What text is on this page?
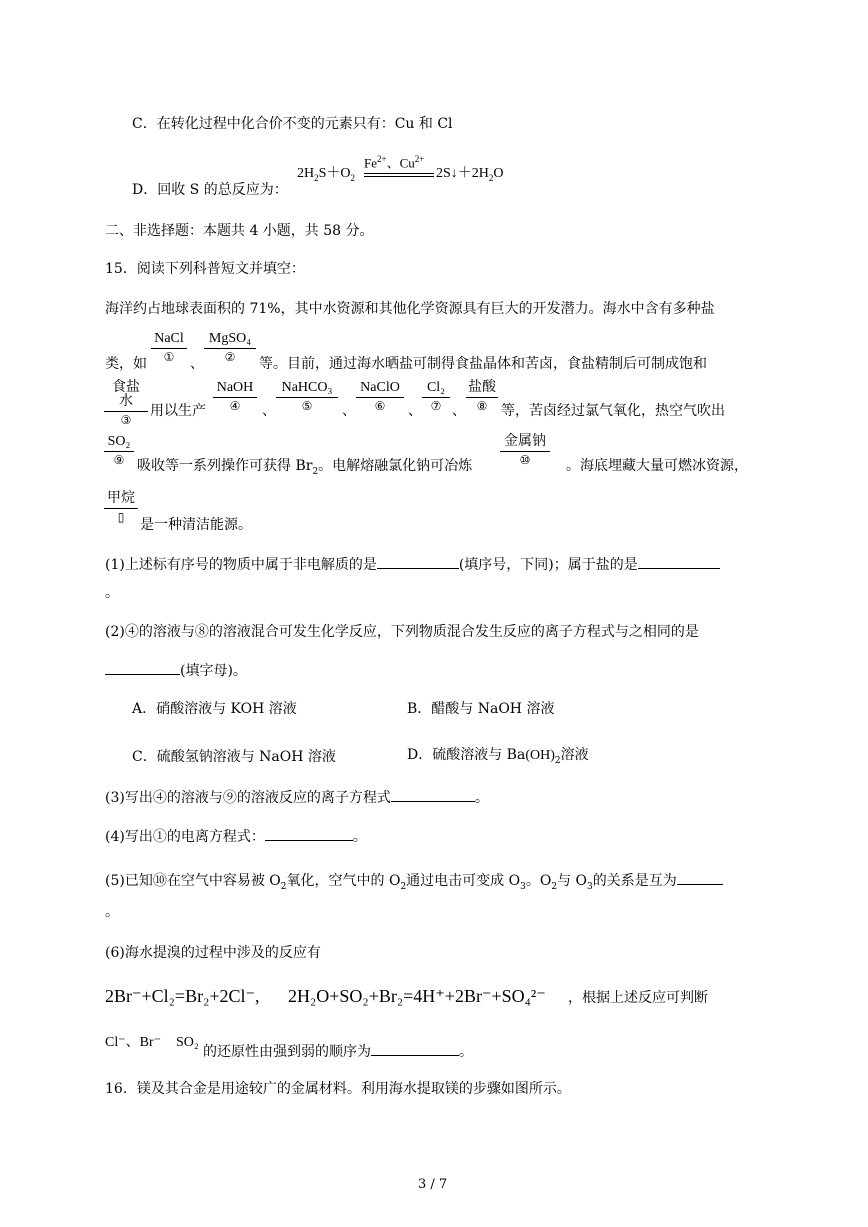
C．在转化过程中化合价不变的元素只有：Cu 和 Cl
$2H_2S+O_2$
$Fe^{2+}$、$Cu^{2+}$
$2S↓+2H_2O$
D．回收 S 的总反应为：
二、非选择题：本题共 4 小题，共 58 分。
15．阅读下列科普短文并填空：
海洋约占地球表面积的 71%，其中水资源和其他化学资源具有巨大的开发潜力。海水中含有多种盐
类，如
NaCl
①	、
MgSO₄
②	等。目前，通过海水晒盐可制得食盐晶体和苦卤，食盐精制后可制成饱和
食盐水
③
用以生产
NaOH
④	、
NaHCO₃
⑤	、
NaClO
⑥	、
Cl₂
⑦ 、
盐酸
⑧ 等，苦卤经过氯气氧化，热空气吹出
SO₂
⑨ 吸收等一系列操作可获得 $Br_2$。电解熔融氯化钠可冶炼
金属钠
⑩	。海底埋藏大量可燃冰资源，
甲烷
▯	是一种清洁能源。
(1)上述标有序号的物质中属于非电解质的是	(填序号，下同)；属于盐的是
。
(2)④的溶液与⑧的溶液混合可发生化学反应，下列物质混合发生反应的离子方程式与之相同的是
(填字母)。
A．硝酸溶液与 KOH 溶液	B．醋酸与 NaOH 溶液
C．硫酸氢钠溶液与 NaOH 溶液	D．硫酸溶液与 $Ba(OH)_2$溶液
(3)写出④的溶液与⑨的溶液反应的离子方程式	。
(4)写出①的电离方程式：	。
(5)已知⑩在空气中容易被 $O_2$氧化，空气中的 $O_2$通过电击可变成 $O_3$。$O_2$与 $O_3$的关系是互为
。
(6)海水提溴的过程中涉及的反应有
2Br⁻+Cl₂=Br₂+2Cl⁻, 2H₂O+SO₂+Br₂=4H⁺+2Br⁻+SO₄²⁻ ，根据上述反应可判断
Cl⁻、Br⁻ SO₂
的还原性由强到弱的顺序为	。
16．镁及其合金是用途较广的金属材料。利用海水提取镁的步骤如图所示。
3 / 7
